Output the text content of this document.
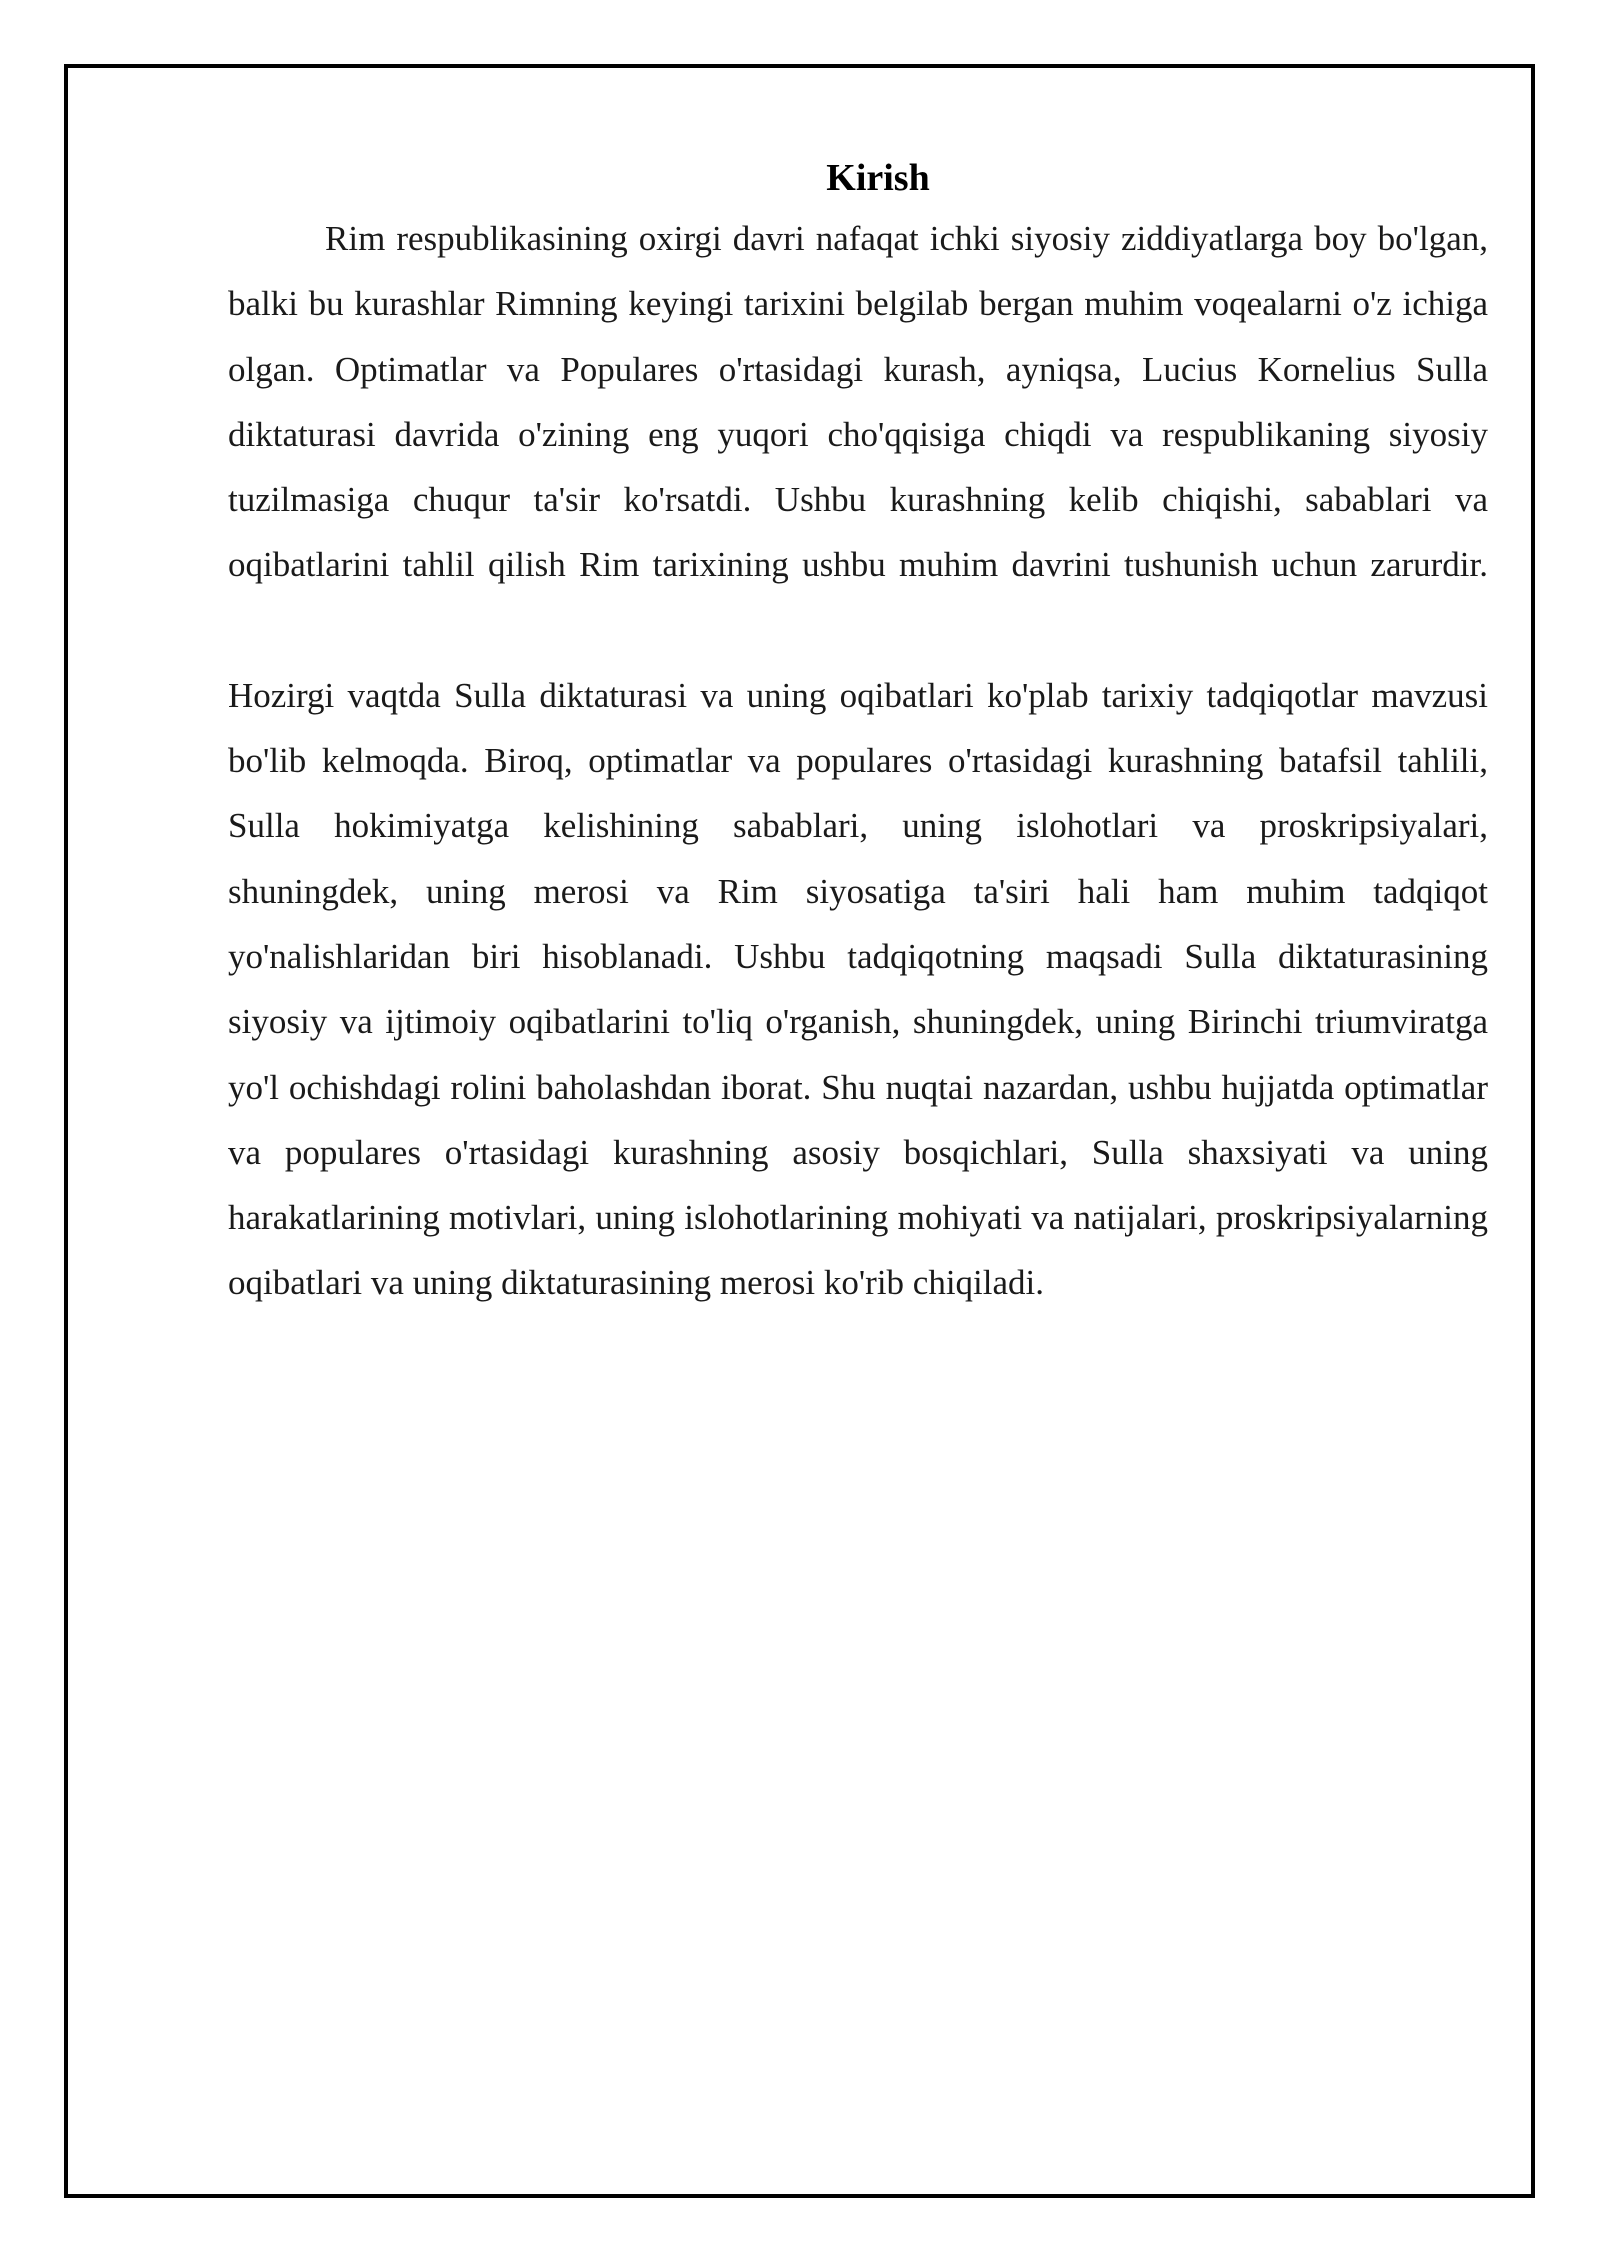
Kirish

Rim respublikasining oxirgi davri nafaqat ichki siyosiy ziddiyatlarga boy bo'lgan, balki bu kurashlar Rimning keyingi tarixini belgilab bergan muhim voqealarni o'z ichiga olgan. Optimatlar va Populares o'rtasidagi kurash, ayniqsa, Lucius Kornelius Sulla diktaturasi davrida o'zining eng yuqori cho'qqisiga chiqdi va respublikaning siyosiy tuzilmasiga chuqur ta'sir ko'rsatdi. Ushbu kurashning kelib chiqishi, sabablari va oqibatlarini tahlil qilish Rim tarixining ushbu muhim davrini tushunish uchun zarurdir.

Hozirgi vaqtda Sulla diktaturasi va uning oqibatlari ko'plab tarixiy tadqiqotlar mavzusi bo'lib kelmoqda. Biroq, optimatlar va populares o'rtasidagi kurashning batafsil tahlili, Sulla hokimiyatga kelishining sabablari, uning islohotlari va proskripsiyalari, shuningdek, uning merosi va Rim siyosatiga ta'siri hali ham muhim tadqiqot yo'nalishlaridan biri hisoblanadi. Ushbu tadqiqotning maqsadi Sulla diktaturasining siyosiy va ijtimoiy oqibatlarini to'liq o'rganish, shuningdek, uning Birinchi triumviratga yo'l ochishdagi rolini baholashdan iborat. Shu nuqtai nazardan, ushbu hujjatda optimatlar va populares o'rtasidagi kurashning asosiy bosqichlari, Sulla shaxsiyati va uning harakatlarining motivlari, uning islohotlarining mohiyati va natijalari, proskripsiyalarning oqibatlari va uning diktaturasining merosi ko'rib chiqiladi.
